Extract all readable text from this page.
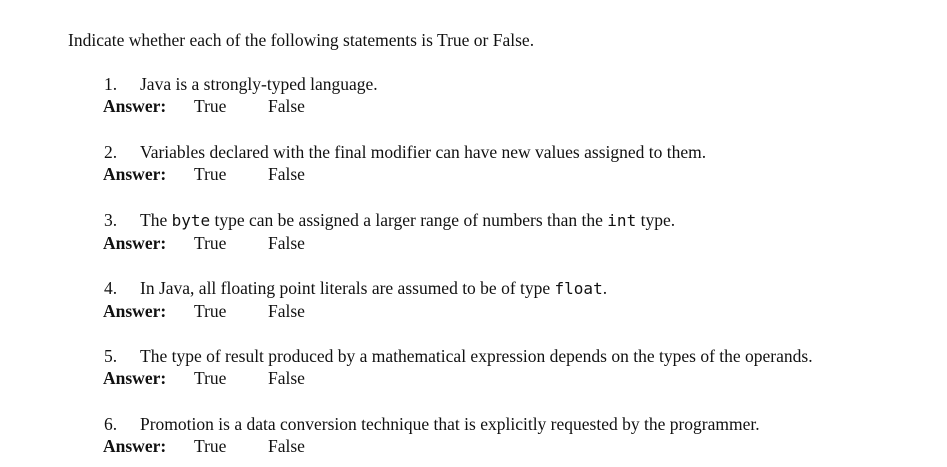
Indicate whether each of the following statements is True or False.
1. Java is a strongly-typed language.
Answer: True False
2. Variables declared with the final modifier can have new values assigned to them.
Answer: True False
3. The byte type can be assigned a larger range of numbers than the int type.
Answer: True False
4. In Java, all floating point literals are assumed to be of type float.
Answer: True False
5. The type of result produced by a mathematical expression depends on the types of the operands.
Answer: True False
6. Promotion is a data conversion technique that is explicitly requested by the programmer.
Answer: True False
